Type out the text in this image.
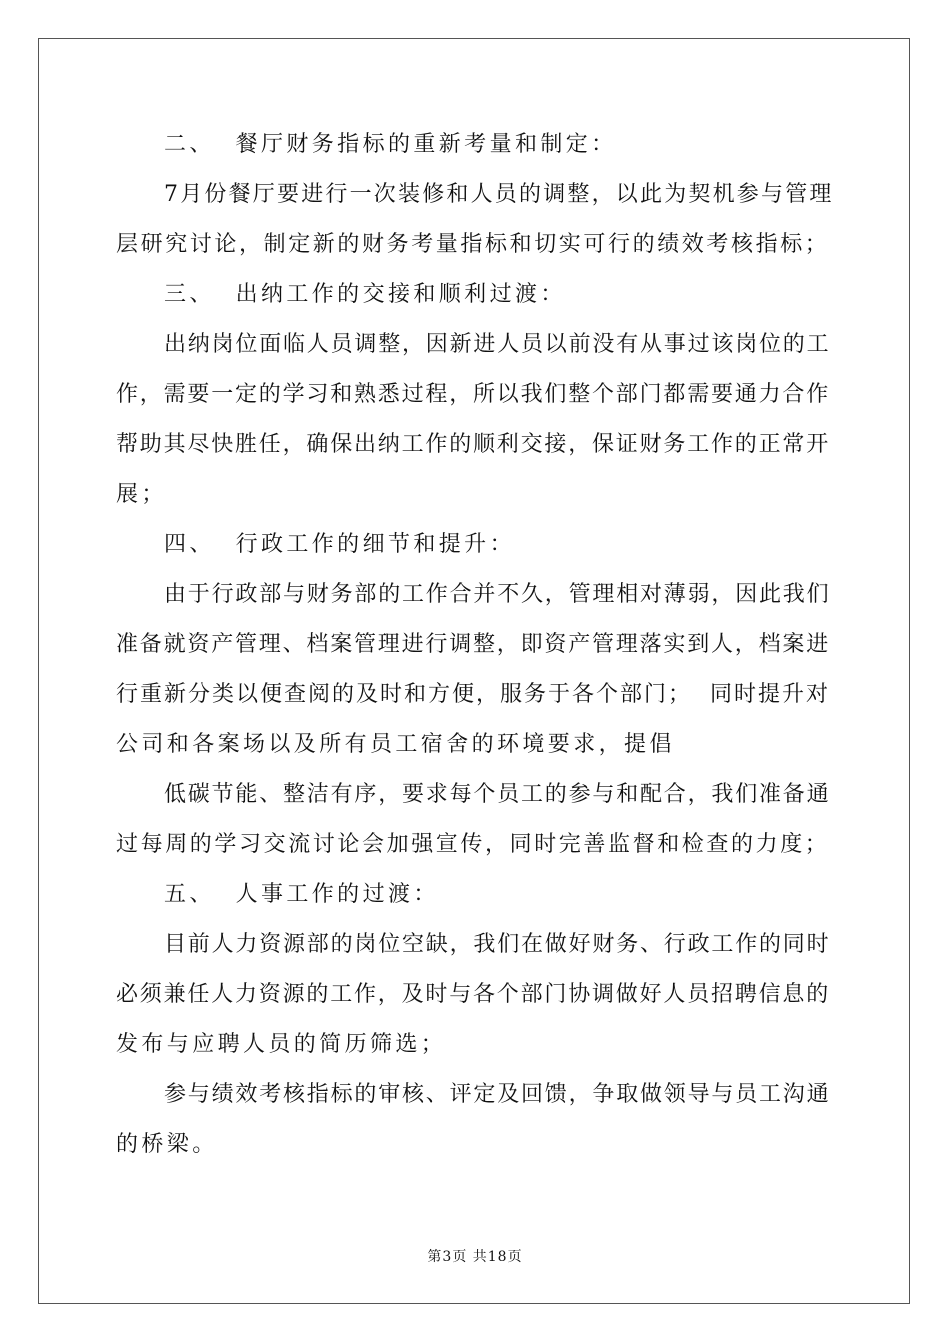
二、  餐厅财务指标的重新考量和制定：
7月份餐厅要进行一次装修和人员的调整，以此为契机参与管理
层研究讨论，制定新的财务考量指标和切实可行的绩效考核指标；
三、  出纳工作的交接和顺利过渡：
出纳岗位面临人员调整，因新进人员以前没有从事过该岗位的工
作，需要一定的学习和熟悉过程，所以我们整个部门都需要通力合作
帮助其尽快胜任，确保出纳工作的顺利交接，保证财务工作的正常开
展；
四、  行政工作的细节和提升：
由于行政部与财务部的工作合并不久，管理相对薄弱，因此我们
准备就资产管理、档案管理进行调整，即资产管理落实到人，档案进
行重新分类以便查阅的及时和方便，服务于各个部门；  同时提升对
公司和各案场以及所有员工宿舍的环境要求，提倡
低碳节能、整洁有序，要求每个员工的参与和配合，我们准备通
过每周的学习交流讨论会加强宣传，同时完善监督和检查的力度；
五、  人事工作的过渡：
目前人力资源部的岗位空缺，我们在做好财务、行政工作的同时
必须兼任人力资源的工作，及时与各个部门协调做好人员招聘信息的
发布与应聘人员的简历筛选；
参与绩效考核指标的审核、评定及回馈，争取做领导与员工沟通
的桥梁。
第3页 共18页
